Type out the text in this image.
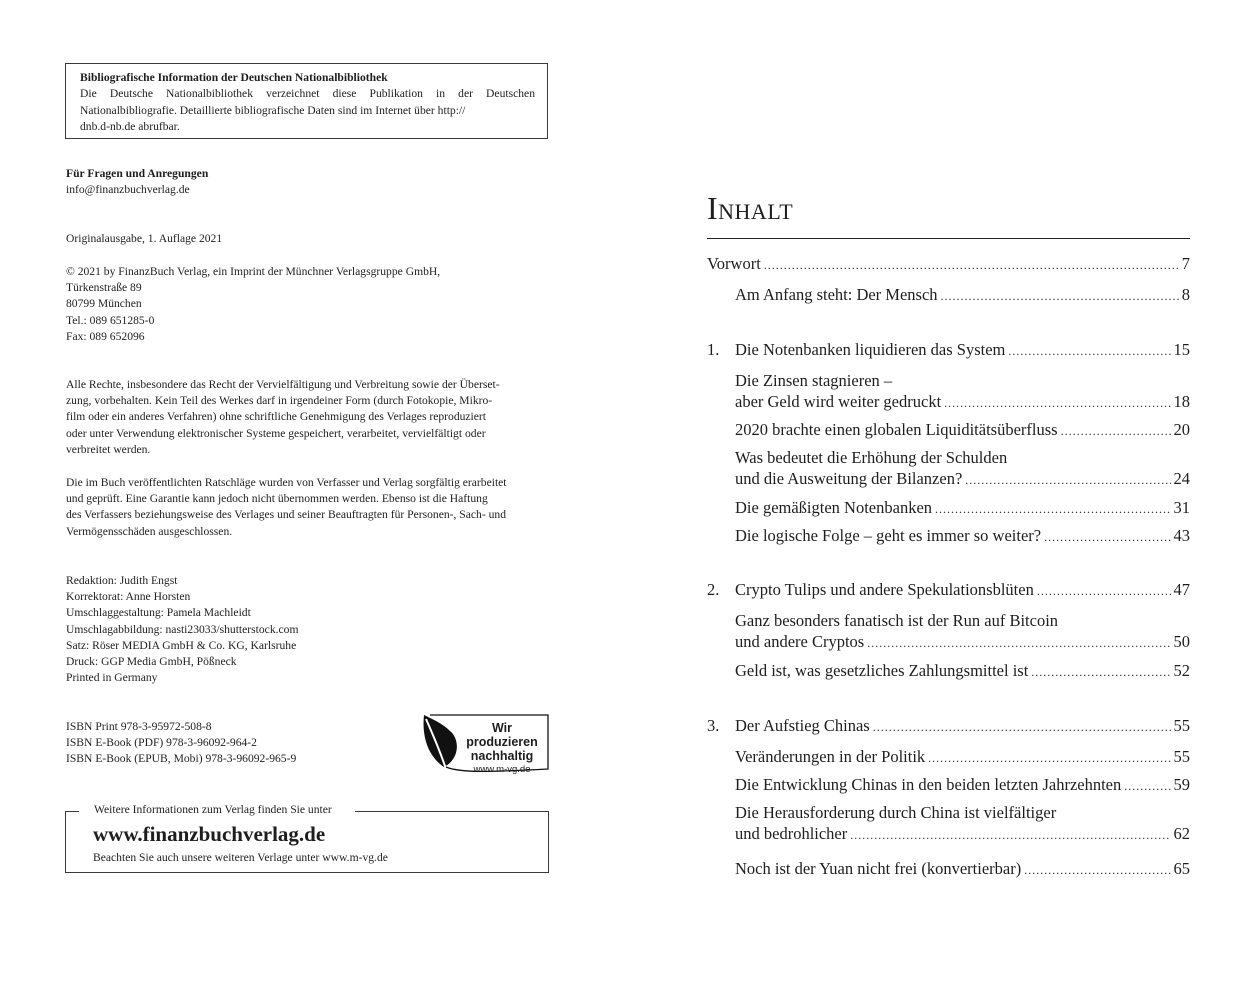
Bibliografische Information der Deutschen Nationalbibliothek
Die Deutsche Nationalbibliothek verzeichnet diese Publikation in der Deutschen Nationalbibliografie. Detaillierte bibliografische Daten sind im Internet über http://
dnb.d-nb.de abrufbar.
Für Fragen und Anregungen
info@finanzbuchverlag.de
Originalausgabe, 1. Auflage 2021
© 2021 by FinanzBuch Verlag, ein Imprint der Münchner Verlagsgruppe GmbH,
Türkenstraße 89
80799 München
Tel.: 089 651285-0
Fax: 089 652096
Alle Rechte, insbesondere das Recht der Vervielfältigung und Verbreitung sowie der Überset-
zung, vorbehalten. Kein Teil des Werkes darf in irgendeiner Form (durch Fotokopie, Mikro-
film oder ein anderes Verfahren) ohne schriftliche Genehmigung des Verlages reproduziert
oder unter Verwendung elektronischer Systeme gespeichert, verarbeitet, vervielfältigt oder
verbreitet werden.
Die im Buch veröffentlichten Ratschläge wurden von Verfasser und Verlag sorgfältig erarbeitet
und geprüft. Eine Garantie kann jedoch nicht übernommen werden. Ebenso ist die Haftung
des Verfassers beziehungsweise des Verlages und seiner Beauftragten für Personen-, Sach- und
Vermögensschäden ausgeschlossen.
Redaktion: Judith Engst
Korrektorat: Anne Horsten
Umschlaggestaltung: Pamela Machleidt
Umschlagabbildung: nasti23033/shutterstock.com
Satz: Röser MEDIA GmbH & Co. KG, Karlsruhe
Druck: GGP Media GmbH, Pößneck
Printed in Germany
ISBN Print 978-3-95972-508-8
ISBN E-Book (PDF) 978-3-96092-964-2
ISBN E-Book (EPUB, Mobi) 978-3-96092-965-9
Wir produzieren
nachhaltig
www.m-vg.de
Weitere Informationen zum Verlag finden Sie unter
www.finanzbuchverlag.de
Beachten Sie auch unsere weiteren Verlage unter www.m-vg.de
Inhalt
Vorwort .....	7
Am Anfang steht: Der Mensch .....	8
1. Die Notenbanken liquidieren das System .....	15
Die Zinsen stagnieren –
aber Geld wird weiter gedruckt .....	18
2020 brachte einen globalen Liquiditätsüberfluss .....	20
Was bedeutet die Erhöhung der Schulden
und die Ausweitung der Bilanzen? .....	24
Die gemäßigten Notenbanken .....	31
Die logische Folge – geht es immer so weiter? .....	43
2. Crypto Tulips und andere Spekulationsblüten .....	47
Ganz besonders fanatisch ist der Run auf Bitcoin
und andere Cryptos .....	50
Geld ist, was gesetzliches Zahlungsmittel ist .....	52
3. Der Aufstieg Chinas .....	55
Veränderungen in der Politik .....	55
Die Entwicklung Chinas in den beiden letzten Jahrzehnten .....	59
Die Herausforderung durch China ist vielfältiger
und bedrohlicher .....	62
Noch ist der Yuan nicht frei (konvertierbar) .....	65
